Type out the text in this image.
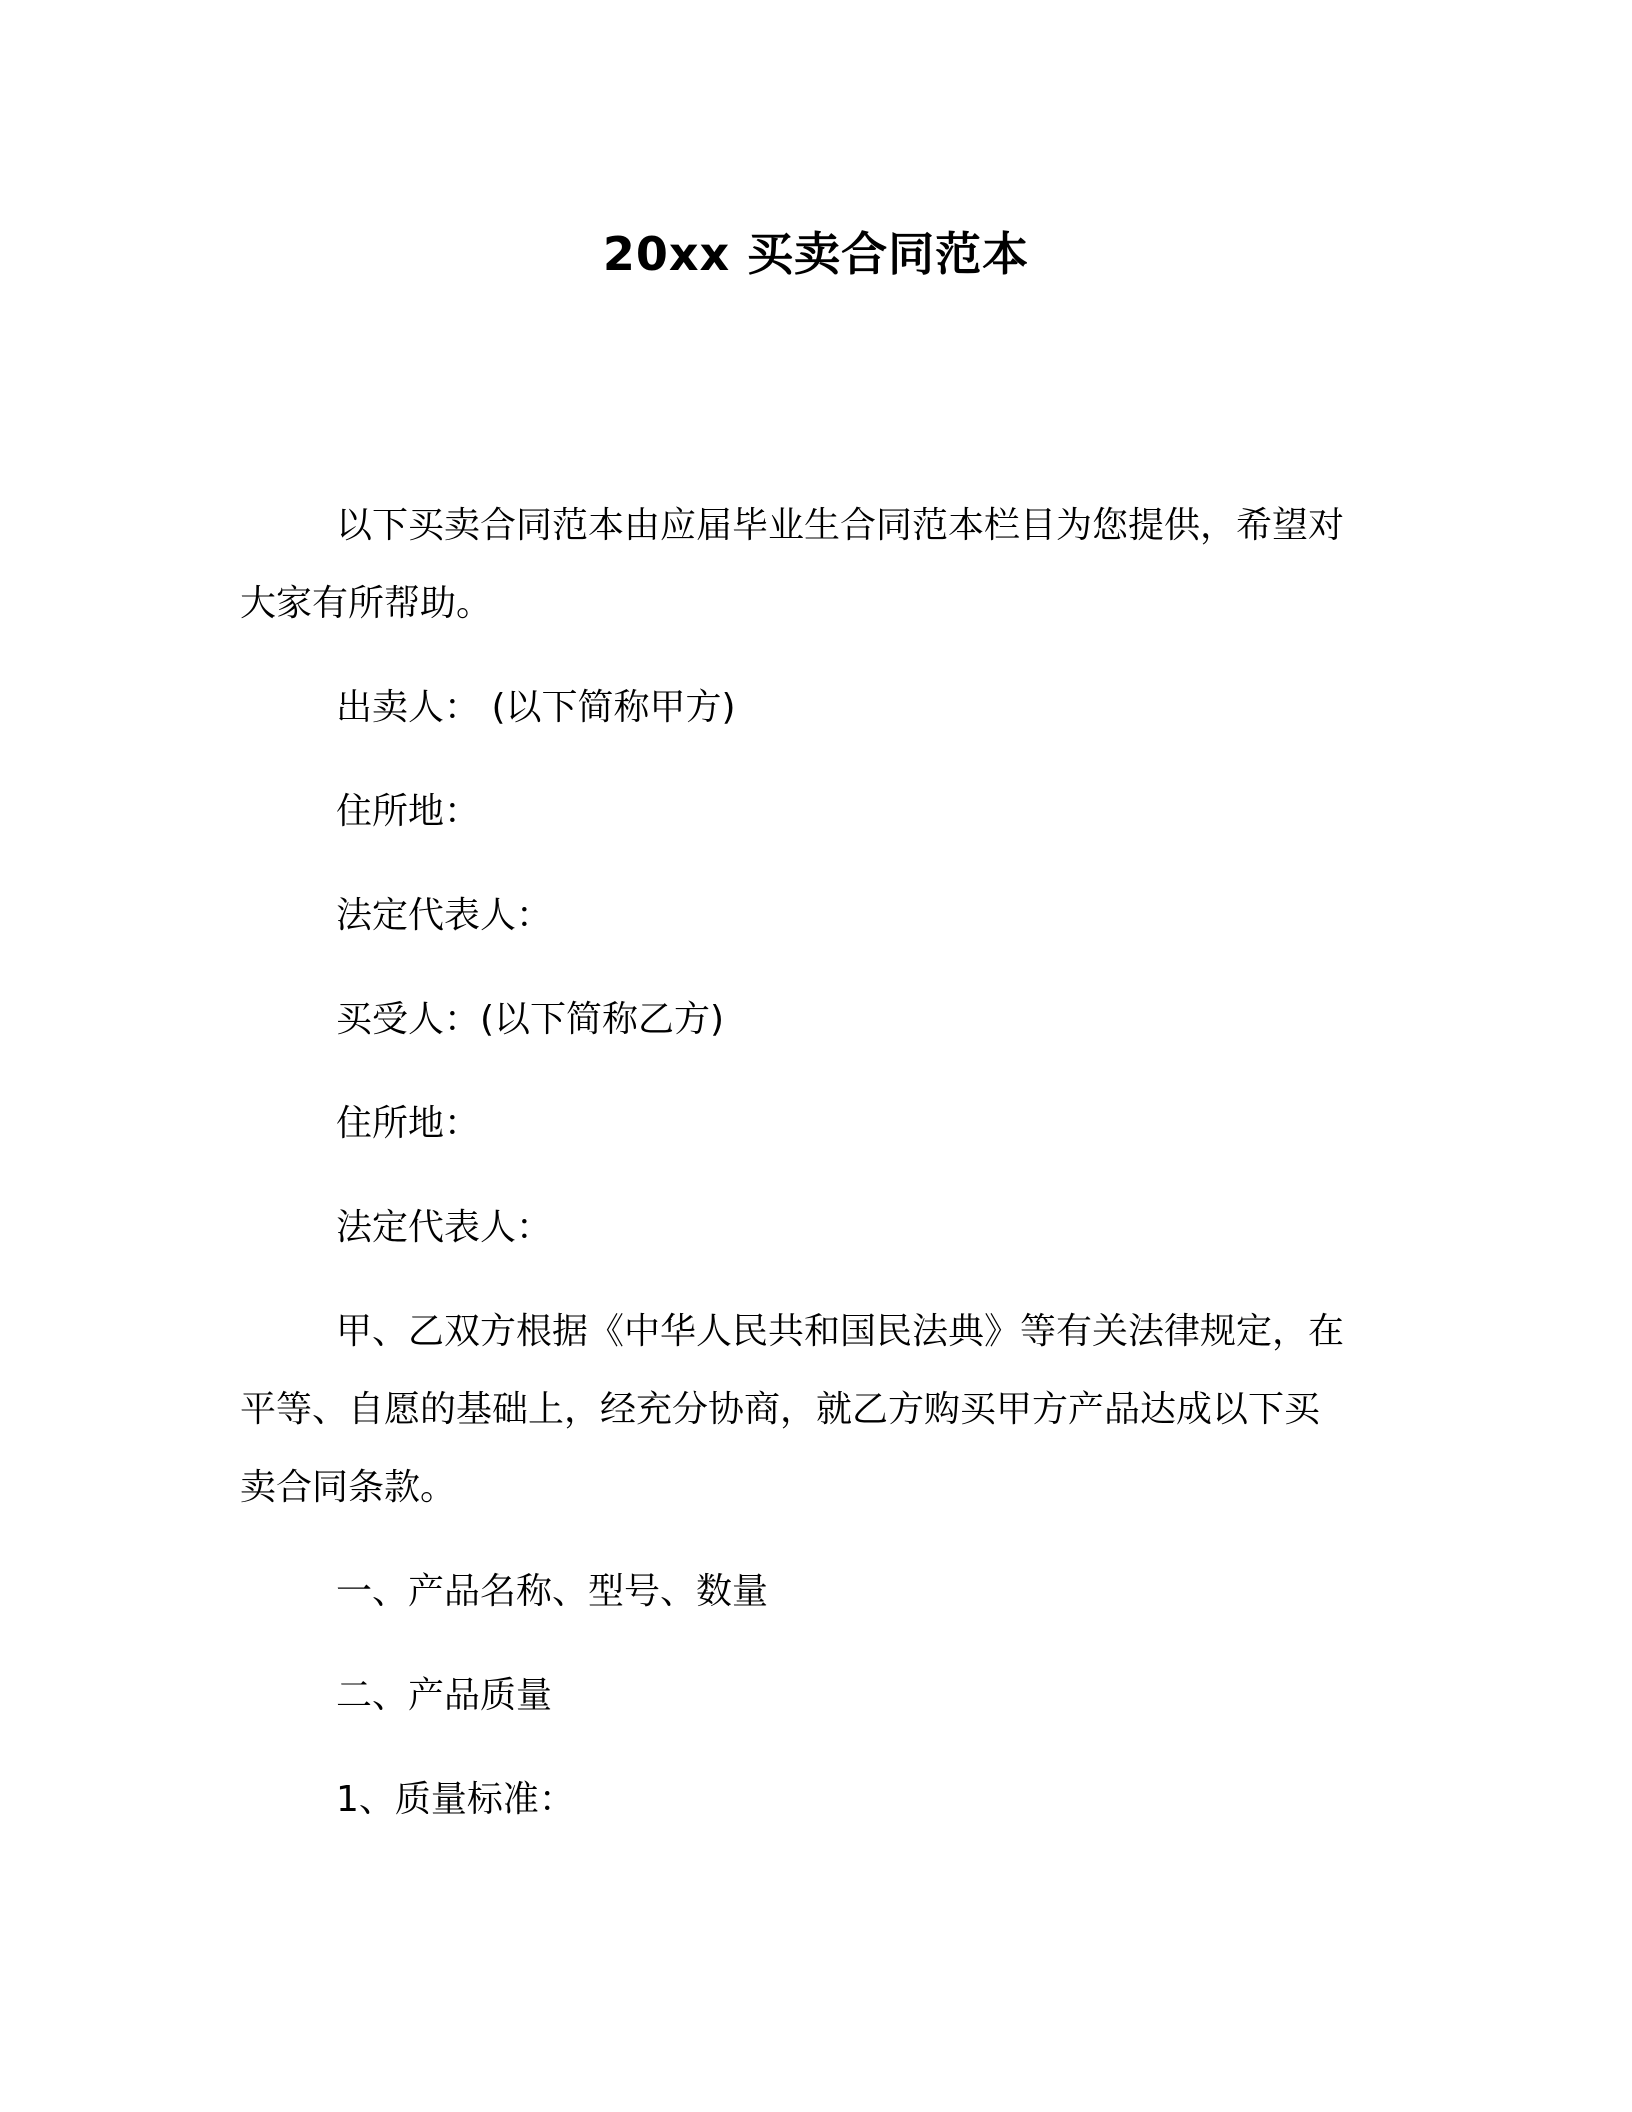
20xx 买卖合同范本

以下买卖合同范本由应届毕业生合同范本栏目为您提供，希望对

大家有所帮助。

出卖人： (以下简称甲方)

住所地：

法定代表人：

买受人：(以下简称乙方)

住所地：

法定代表人：

甲、乙双方根据《中华人民共和国民法典》等有关法律规定，在

平等、自愿的基础上，经充分协商，就乙方购买甲方产品达成以下买

卖合同条款。

一、产品名称、型号、数量

二、产品质量

1、质量标准：
